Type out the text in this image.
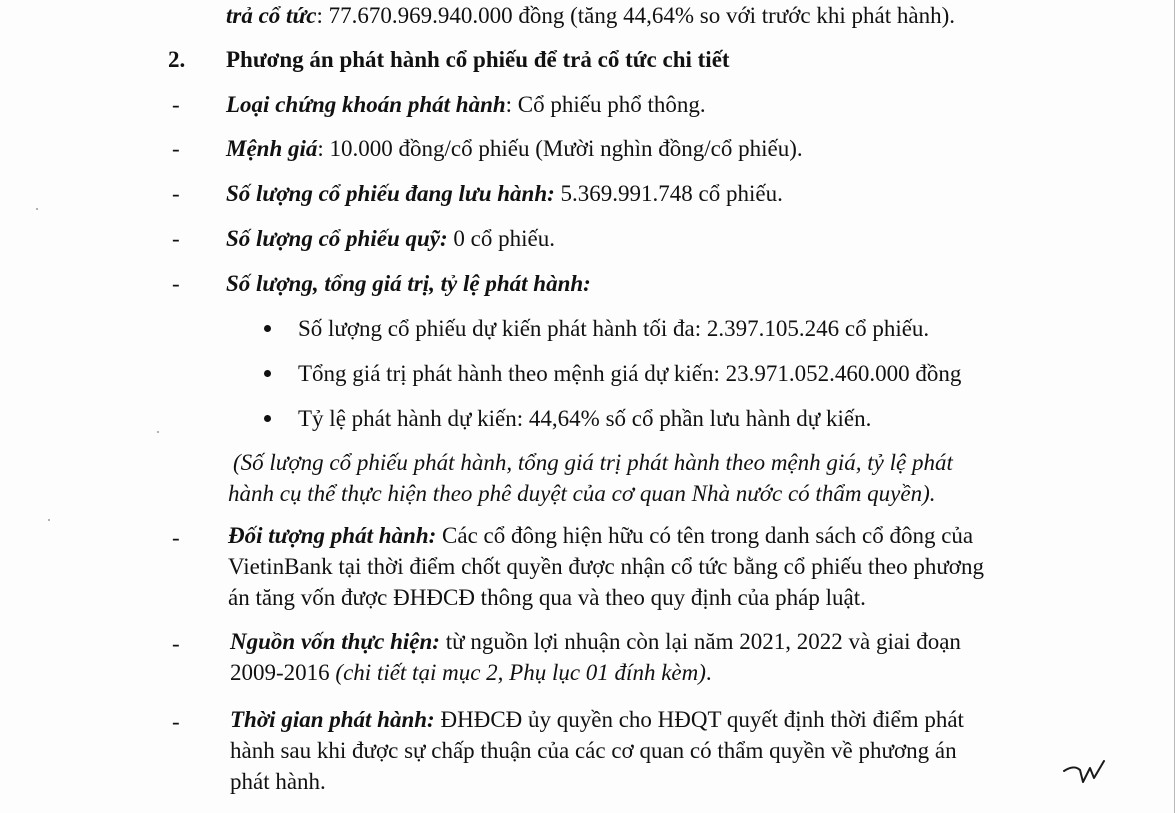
trả cổ tức: 77.670.969.940.000 đồng (tăng 44,64% so với trước khi phát hành).
2. Phương án phát hành cổ phiếu để trả cổ tức chi tiết
- Loại chứng khoán phát hành: Cổ phiếu phổ thông.
- Mệnh giá: 10.000 đồng/cổ phiếu (Mười nghìn đồng/cổ phiếu).
- Số lượng cổ phiếu đang lưu hành: 5.369.991.748 cổ phiếu.
- Số lượng cổ phiếu quỹ: 0 cổ phiếu.
- Số lượng, tổng giá trị, tỷ lệ phát hành:
Số lượng cổ phiếu dự kiến phát hành tối đa: 2.397.105.246 cổ phiếu.
Tổng giá trị phát hành theo mệnh giá dự kiến: 23.971.052.460.000 đồng
Tỷ lệ phát hành dự kiến: 44,64% số cổ phần lưu hành dự kiến.
(Số lượng cổ phiếu phát hành, tổng giá trị phát hành theo mệnh giá, tỷ lệ phát
hành cụ thể thực hiện theo phê duyệt của cơ quan Nhà nước có thẩm quyền).
- Đối tượng phát hành: Các cổ đông hiện hữu có tên trong danh sách cổ đông của
VietinBank tại thời điểm chốt quyền được nhận cổ tức bằng cổ phiếu theo phương
án tăng vốn được ĐHĐCĐ thông qua và theo quy định của pháp luật.
- Nguồn vốn thực hiện: từ nguồn lợi nhuận còn lại năm 2021, 2022 và giai đoạn
2009-2016 (chi tiết tại mục 2, Phụ lục 01 đính kèm).
- Thời gian phát hành: ĐHĐCĐ ủy quyền cho HĐQT quyết định thời điểm phát
hành sau khi được sự chấp thuận của các cơ quan có thẩm quyền về phương án
phát hành.
